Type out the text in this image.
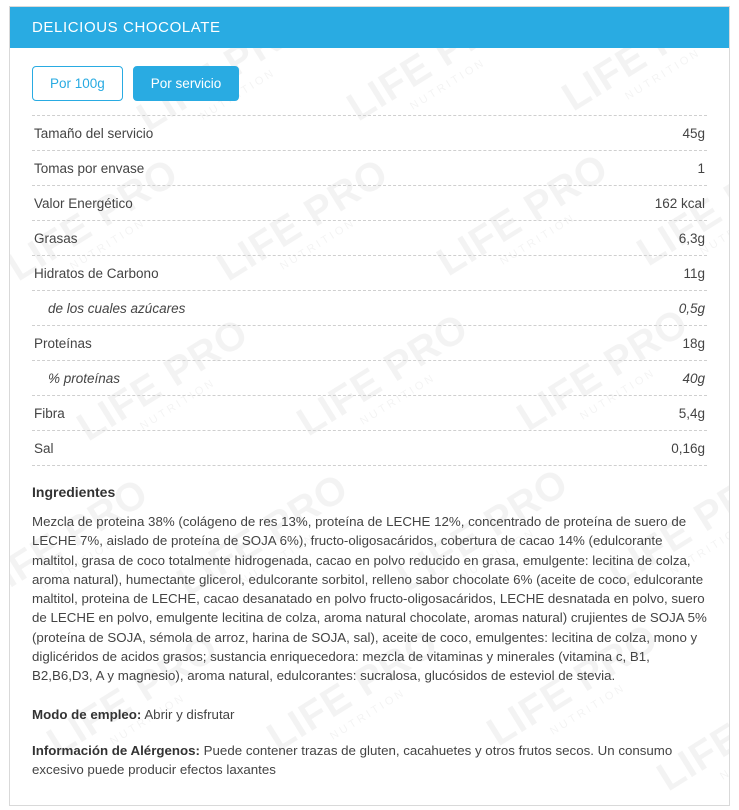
DELICIOUS CHOCOLATE
Por 100g	Por servicio
Tamaño del servicio	45g
Tomas por envase	1
Valor Energético	162 kcal
Grasas	6,3g
Hidratos de Carbono	11g
de los cuales azúcares	0,5g
Proteínas	18g
% proteínas	40g
Fibra	5,4g
Sal	0,16g
Ingredientes
Mezcla de proteina 38% (colágeno de res 13%, proteína de LECHE 12%, concentrado de proteína de suero de LECHE 7%, aislado de proteína de SOJA 6%), fructo-oligosacáridos, cobertura de cacao 14% (edulcorante maltitol, grasa de coco totalmente hidrogenada, cacao en polvo reducido en grasa, emulgente: lecitina de colza, aroma natural), humectante glicerol, edulcorante sorbitol, relleno sabor chocolate 6% (aceite de coco, edulcorante maltitol, proteina de LECHE, cacao desanatado en polvo fructo-oligosacáridos, LECHE desnatada en polvo, suero de LECHE en polvo, emulgente lecitina de colza, aroma natural chocolate, aromas natural) crujientes de SOJA 5% (proteína de SOJA, sémola de arroz, harina de SOJA, sal), aceite de coco, emulgentes: lecitina de colza, mono y diglicéridos de acidos grasos; sustancia enriquecedora: mezcla de vitaminas y minerales (vitamina c, B1, B2,B6,D3, A y magnesio), aroma natural, edulcorantes: sucralosa, glucósidos de esteviol de stevia.
Modo de empleo: Abrir y disfrutar
Información de Alérgenos: Puede contener trazas de gluten, cacahuetes y otros frutos secos. Un consumo excesivo puede producir efectos laxantes
